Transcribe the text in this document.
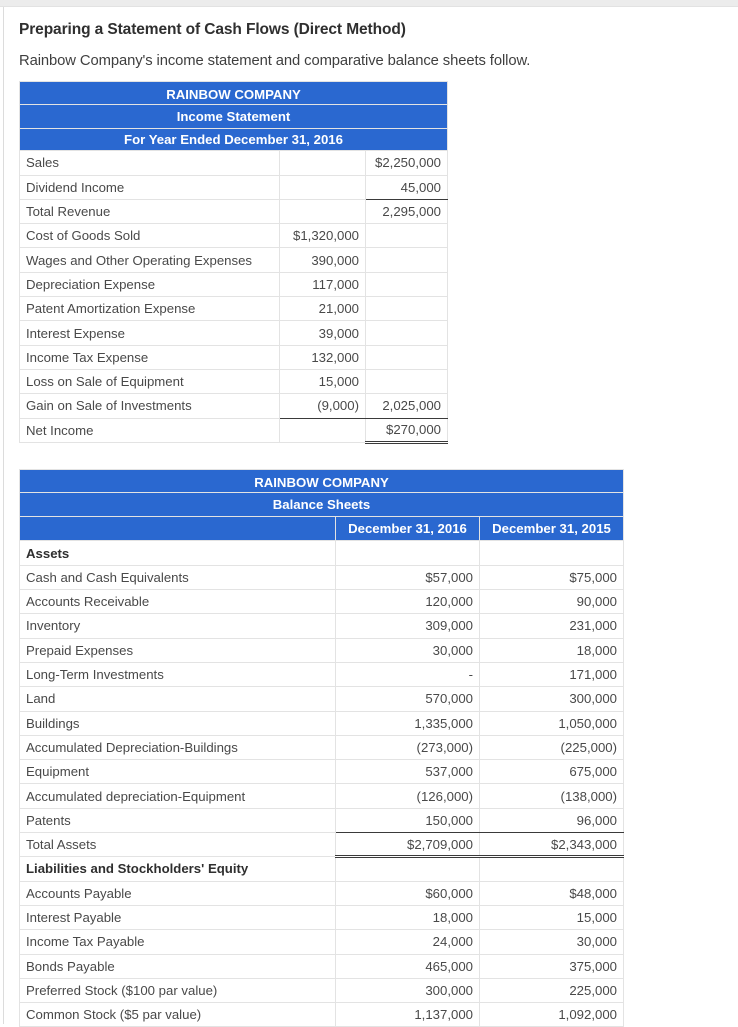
Preparing a Statement of Cash Flows (Direct Method)

Rainbow Company's income statement and comparative balance sheets follow.

RAINBOW COMPANY		
Income Statement		
For Year Ended December 31, 2016		
Sales		$2,250,000
Dividend Income		45,000
Total Revenue		2,295,000
Cost of Goods Sold	$1,320,000	
Wages and Other Operating Expenses	390,000	
Depreciation Expense	117,000	
Patent Amortization Expense	21,000	
Interest Expense	39,000	
Income Tax Expense	132,000	
Loss on Sale of Equipment	15,000	
Gain on Sale of Investments	(9,000)	2,025,000
Net Income		$270,000
RAINBOW COMPANY		
Balance Sheets		
	December 31, 2016	December 31, 2015
Assets		
Cash and Cash Equivalents	$57,000	$75,000
Accounts Receivable	120,000	90,000
Inventory	309,000	231,000
Prepaid Expenses	30,000	18,000
Long-Term Investments	-	171,000
Land	570,000	300,000
Buildings	1,335,000	1,050,000
Accumulated Depreciation-Buildings	(273,000)	(225,000)
Equipment	537,000	675,000
Accumulated depreciation-Equipment	(126,000)	(138,000)
Patents	150,000	96,000
Total Assets	$2,709,000	$2,343,000
Liabilities and Stockholders' Equity		
Accounts Payable	$60,000	$48,000
Interest Payable	18,000	15,000
Income Tax Payable	24,000	30,000
Bonds Payable	465,000	375,000
Preferred Stock ($100 par value)	300,000	225,000
Common Stock ($5 par value)	1,137,000	1,092,000
